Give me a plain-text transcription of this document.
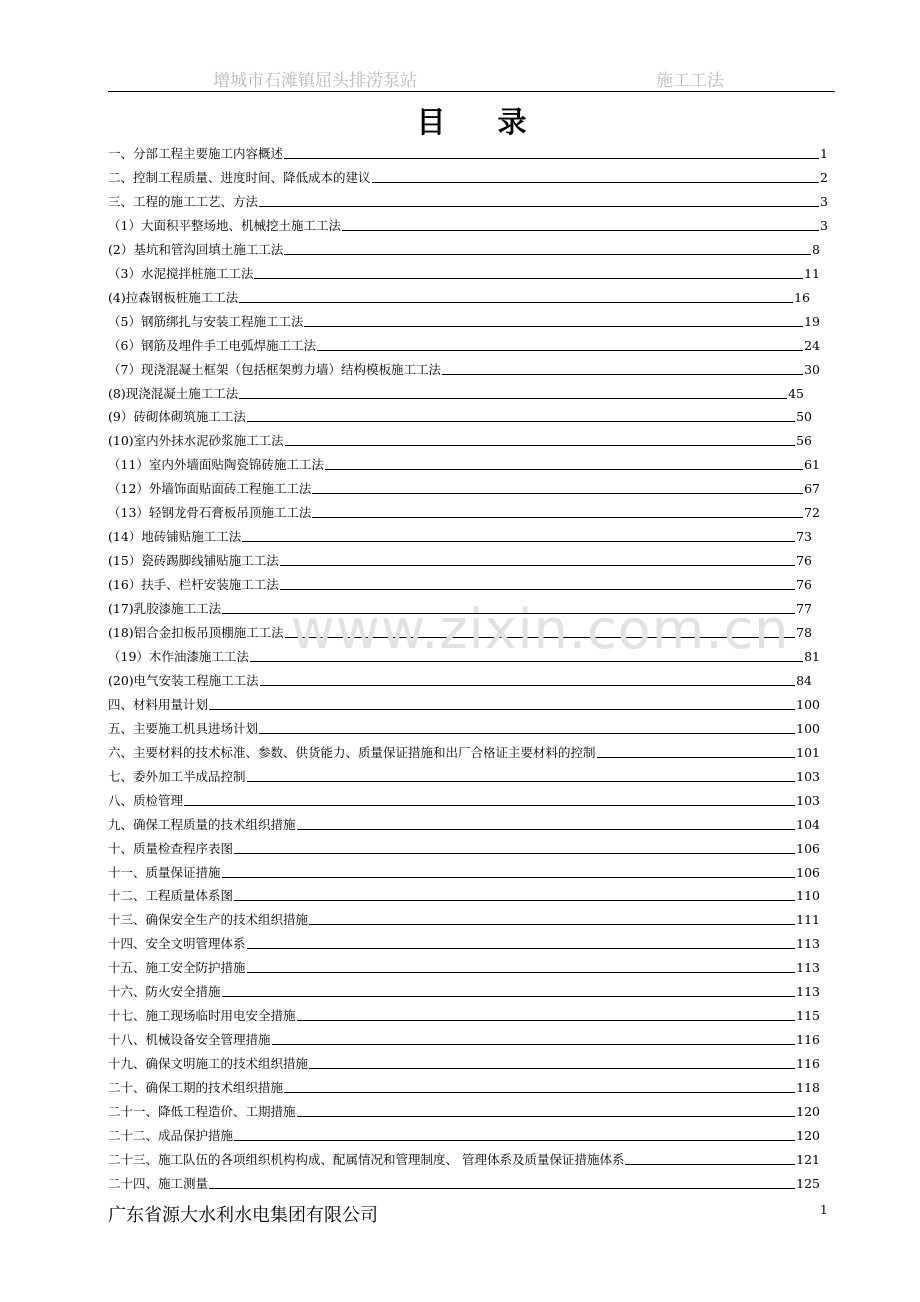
增城市石滩镇屈头排涝泵站	施工工法
目录
一、分部工程主要施工内容概述	1
二、控制工程质量、进度时间、降低成本的建议	2
三、工程的施工工艺、方法	3
（1）大面积平整场地、机械挖土施工工法	3
(2）基坑和管沟回填土施工工法	8
（3）水泥搅拌桩施工工法	11
(4)拉森钢板桩施工工法	16
（5）钢筋绑扎与安装工程施工工法	19
（6）钢筋及埋件手工电弧焊施工工法	24
（7）现浇混凝土框架（包括框架剪力墙）结构模板施工工法	30
(8)现浇混凝土施工工法	45
(9）砖砌体砌筑施工工法	50
(10)室内外抹水泥砂浆施工工法	56
（11）室内外墙面贴陶瓷锦砖施工工法	61
（12）外墙饰面贴面砖工程施工工法	67
（13）轻钢龙骨石膏板吊顶施工工法	72
(14）地砖铺贴施工工法	73
(15）瓷砖踢脚线铺贴施工工法	76
(16）扶手、栏杆安装施工工法	76
(17)乳胶漆施工工法	77
(18)铝合金扣板吊顶棚施工工法	78
（19）木作油漆施工工法	81
(20)电气安装工程施工工法	84
四、材料用量计划	100
五、主要施工机具进场计划	100
六、主要材料的技术标准、参数、供货能力、质量保证措施和出厂合格证主要材料的控制	101
七、委外加工半成品控制	103
八、质检管理	103
九、确保工程质量的技术组织措施	104
十、质量检查程序表图	106
十一、质量保证措施	106
十二、工程质量体系图	110
十三、确保安全生产的技术组织措施	111
十四、安全文明管理体系	113
十五、施工安全防护措施	113
十六、防火安全措施	113
十七、施工现场临时用电安全措施	115
十八、机械设备安全管理措施	116
十九、确保文明施工的技术组织措施	116
二十、确保工期的技术组织措施	118
二十一、降低工程造价、工期措施	120
二十二、成品保护措施	120
二十三、施工队伍的各项组织机构构成、配属情况和管理制度、 管理体系及质量保证措施体系	121
二十四、施工测量	125
www.zixin.com.cn
广东省源大水利水电集团有限公司	1
